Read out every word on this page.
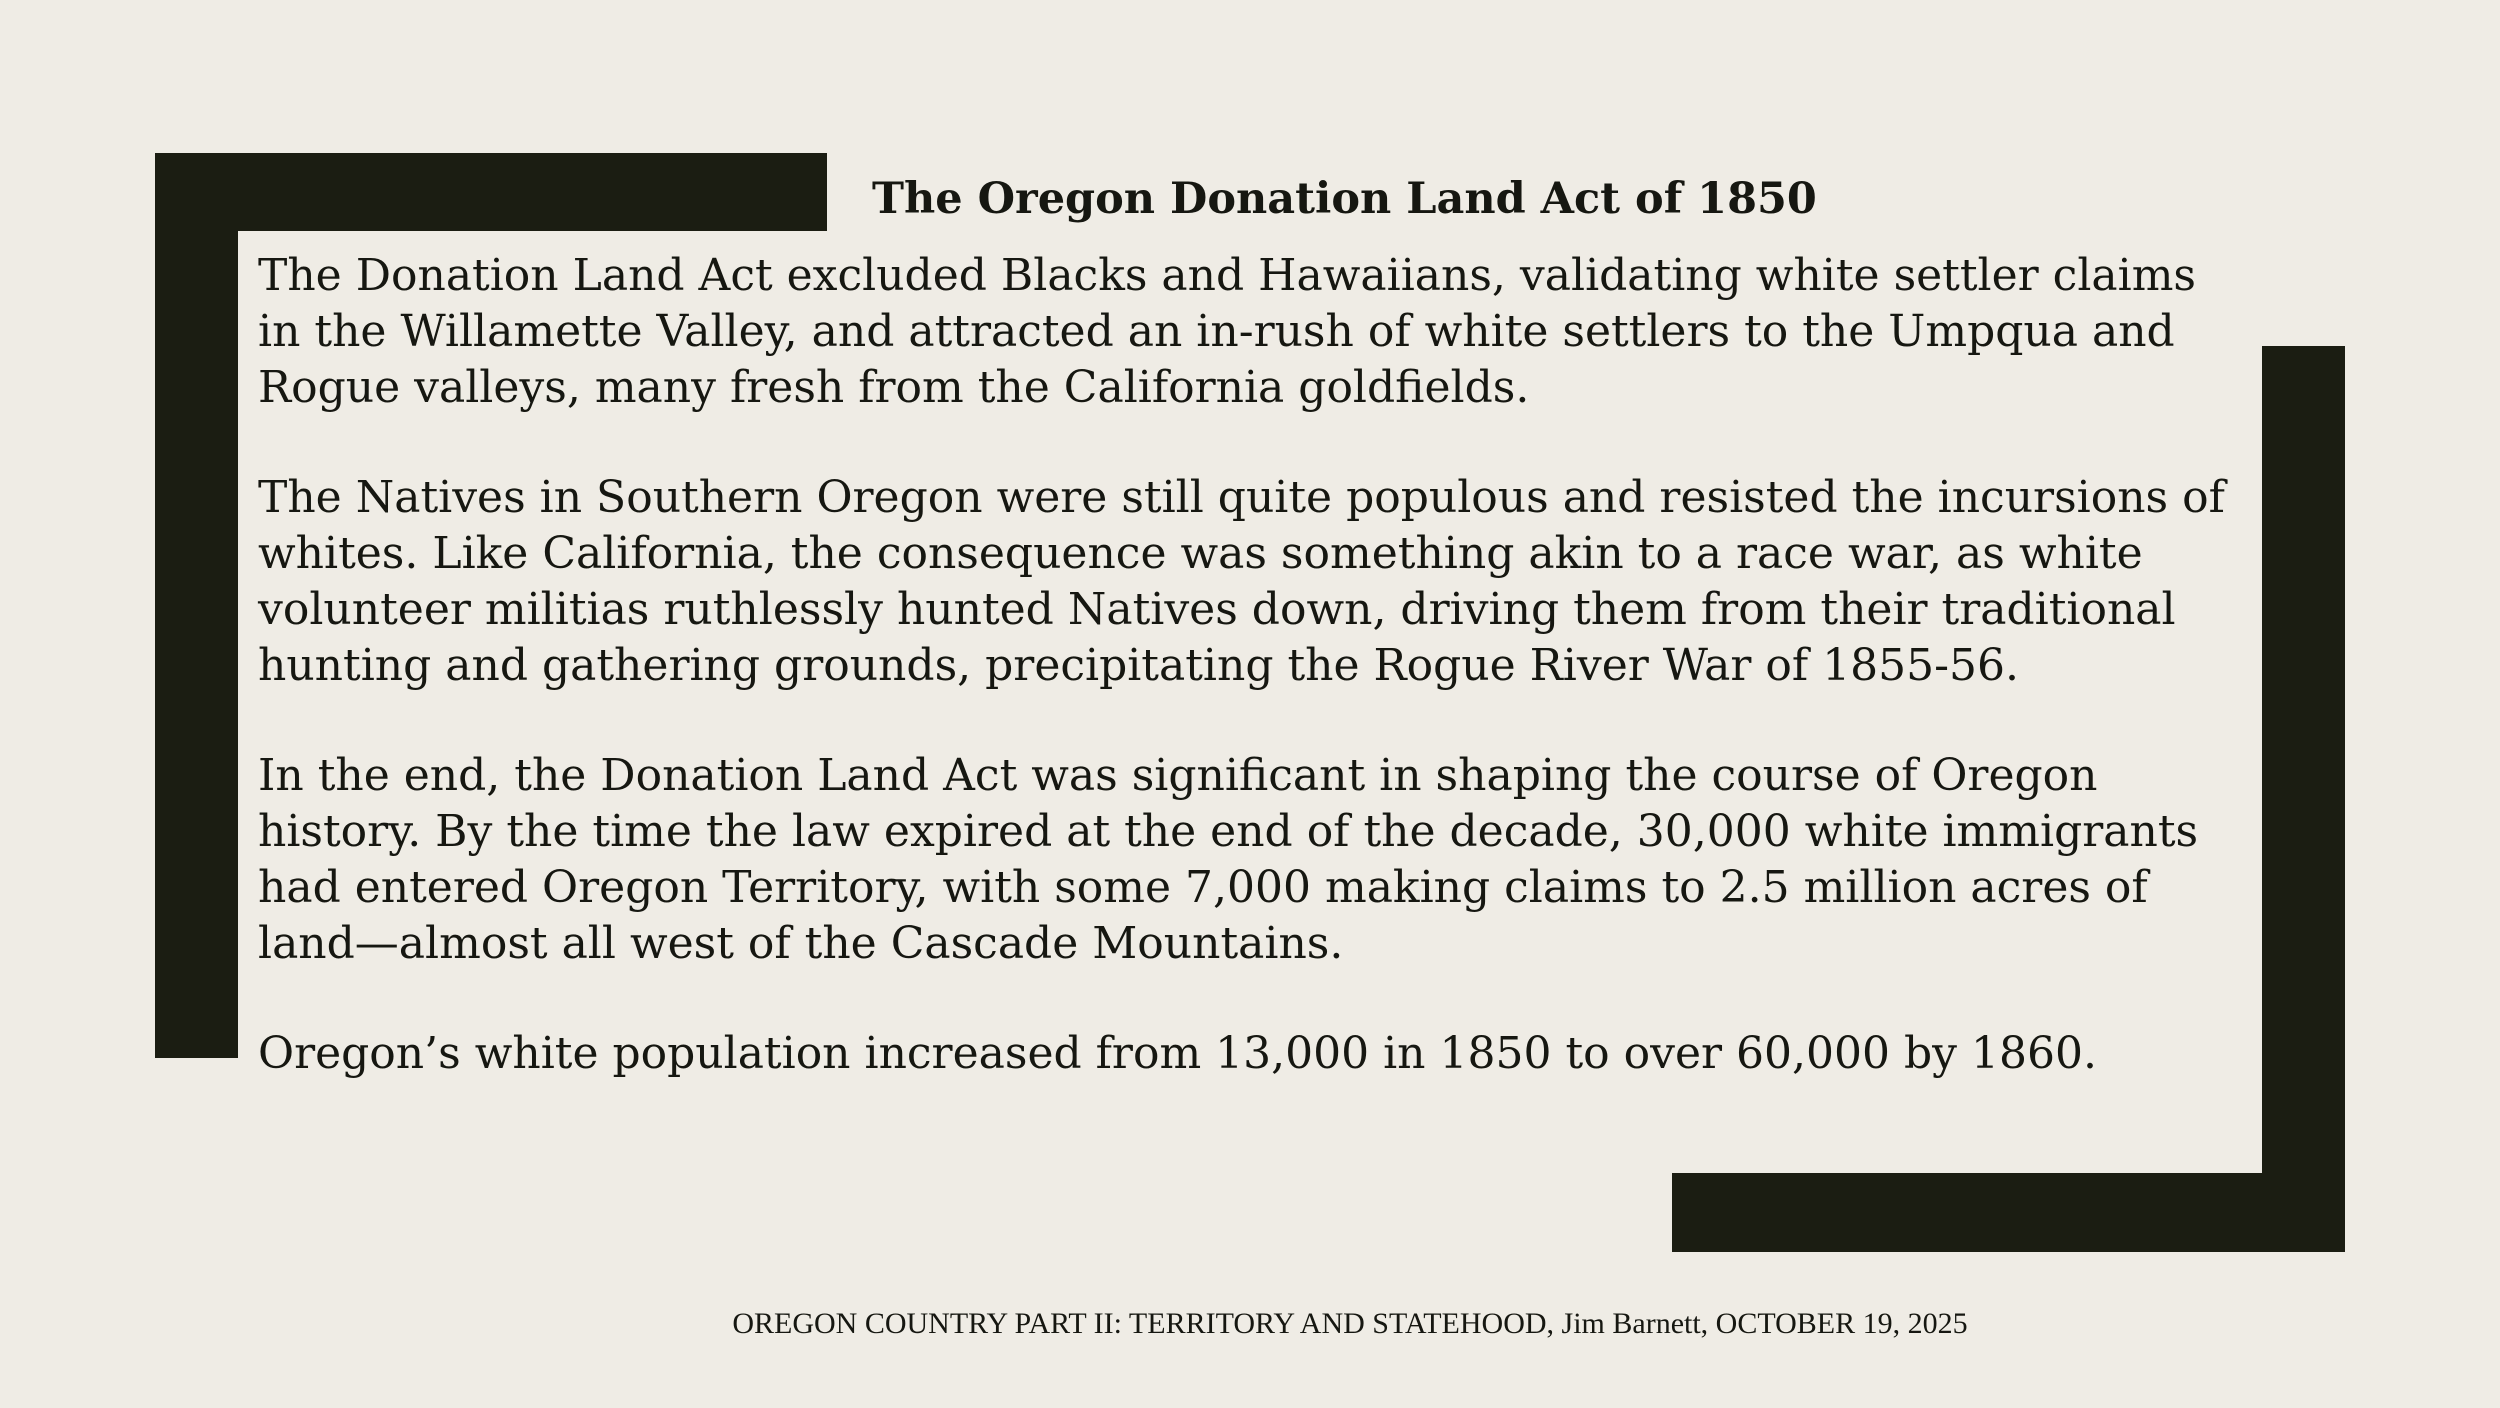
The Oregon Donation Land Act of 1850

The Donation Land Act excluded Blacks and Hawaiians, validating white settler claims in the Willamette Valley, and attracted an in-rush of white settlers to the Umpqua and Rogue valleys, many fresh from the California goldfields.

The Natives in Southern Oregon were still quite populous and resisted the incursions of whites. Like California, the consequence was something akin to a race war, as white volunteer militias ruthlessly hunted Natives down, driving them from their traditional hunting and gathering grounds, precipitating the Rogue River War of 1855-56.

In the end, the Donation Land Act was significant in shaping the course of Oregon history. By the time the law expired at the end of the decade, 30,000 white immigrants had entered Oregon Territory, with some 7,000 making claims to 2.5 million acres of land—almost all west of the Cascade Mountains.

Oregon’s white population increased from 13,000 in 1850 to over 60,000 by 1860.

OREGON COUNTRY PART II: TERRITORY AND STATEHOOD, Jim Barnett, OCTOBER 19, 2025
